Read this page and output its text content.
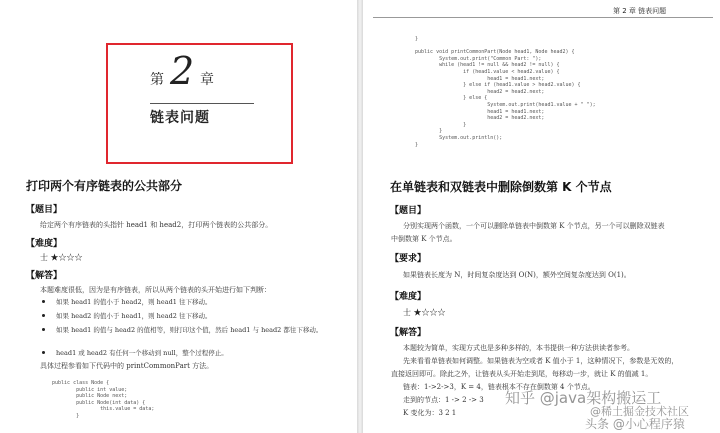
第 2 章
链表问题
打印两个有序链表的公共部分
【题目】
给定两个有序链表的头指针 head1 和 head2，打印两个链表的公共部分。
【难度】
士 ★☆☆☆
【解答】
本题难度很低，因为是有序链表，所以从两个链表的头开始进行如下判断：
如果 head1 的值小于 head2，则 head1 往下移动。
如果 head2 的值小于 head1，则 head2 往下移动。
如果 head1 的值与 head2 的值相等，则打印这个值，然后 head1 与 head2 都往下移动。
head1 或 head2 有任何一个移动到 null，整个过程停止。
具体过程参看如下代码中的 printCommonPart 方法。
public class Node {
public int value;
public Node next;
public Node(int data) {
this.value = data;
}
第 2 章 链表问题
}

public void printCommonPart(Node head1, Node head2) {
System.out.print("Common Part: ");
while (head1 != null && head2 != null) {
if (head1.value < head2.value) {
head1 = head1.next;
} else if (head1.value > head2.value) {
head2 = head2.next;
} else {
System.out.print(head1.value + " ");
head1 = head1.next;
head2 = head2.next;
}
}
System.out.println();
}
在单链表和双链表中删除倒数第 K 个节点
【题目】
分别实现两个函数，一个可以删除单链表中倒数第 K 个节点，另一个可以删除双链表
中倒数第 K 个节点。
【要求】
如果链表长度为 N，时间复杂度达到 O(N)，额外空间复杂度达到 O(1)。
【难度】
士 ★☆☆☆
【解答】
本题较为简单，实现方式也是多种多样的，本书提供一种方法供读者参考。
先来看看单链表如何调整。如果链表为空或者 K 值小于 1，这种情况下，参数是无效的，
直接返回即可。除此之外，让链表从头开始走到尾，每移动一步，就让 K 的值减 1。
链表：1->2->3，K = 4，链表根本不存在倒数第 4 个节点。
走到的节点：1 -> 2 -> 3
K 变化为：3 2 1
知乎 @java架构搬运工
@稀土掘金技术社区
头条 @小心程序猿
